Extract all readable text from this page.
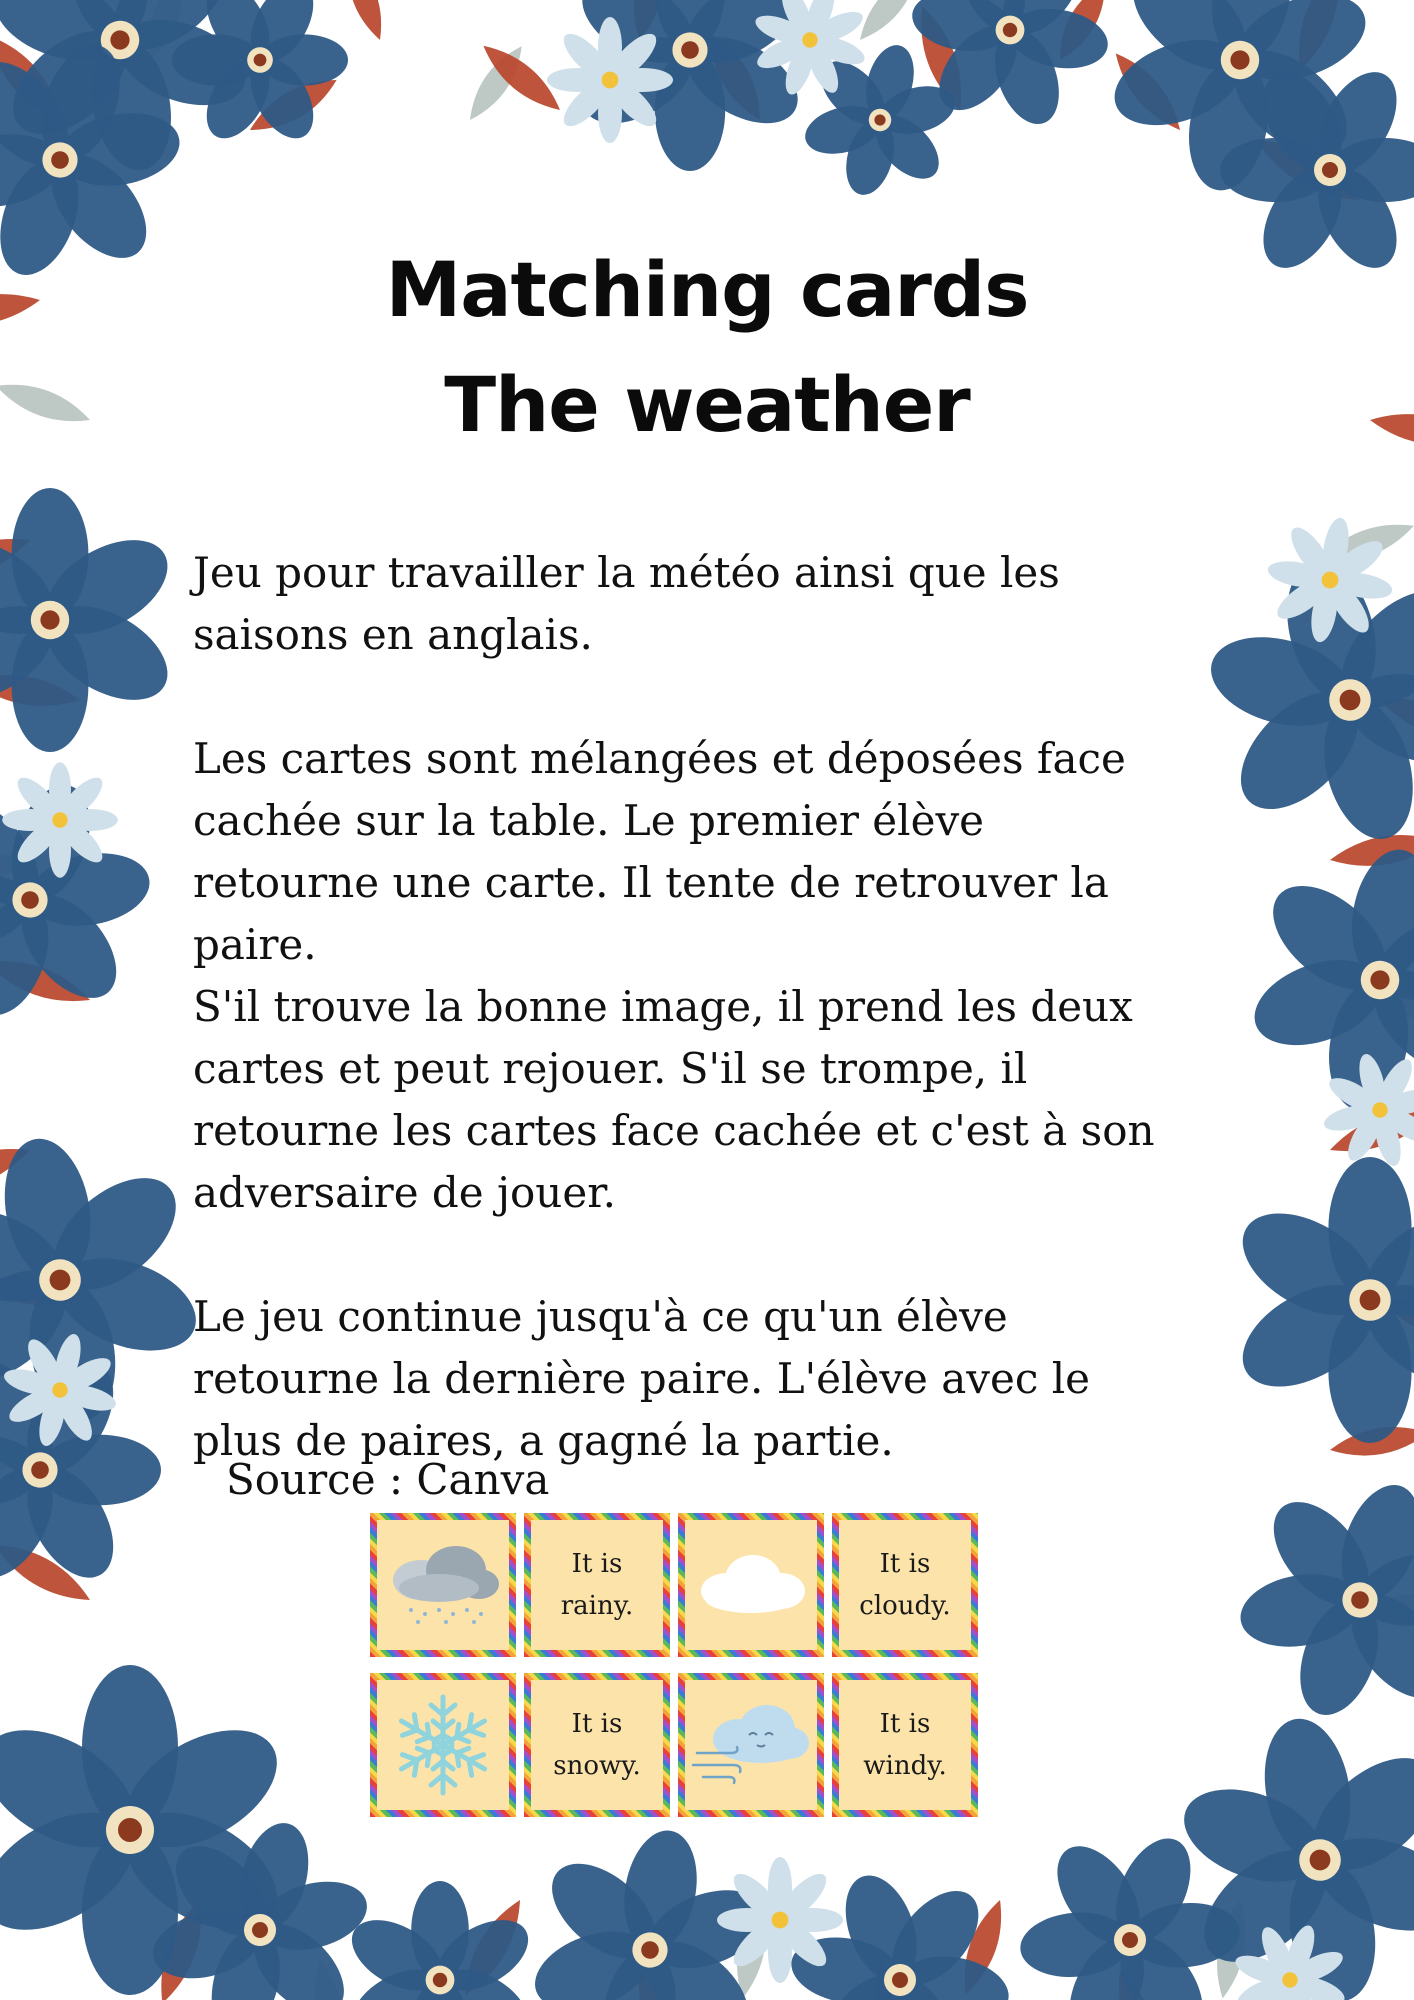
Matching cards
The weather

Jeu pour travailler la météo ainsi que les

saisons en anglais.

Les cartes sont mélangées et déposées face

cachée sur la table. Le premier élève

retourne une carte. Il tente de retrouver la

paire.

S'il trouve la bonne image, il prend les deux

cartes et peut rejouer. S'il se trompe, il

retourne les cartes face cachée et c'est à son

adversaire de jouer.

Le jeu continue jusqu'à ce qu'un élève

retourne la dernière paire. L'élève avec le

plus de paires, a gagné la partie.

Source : Canva
It is
rainy.
It is
cloudy.
It is
snowy.
It is
windy.
